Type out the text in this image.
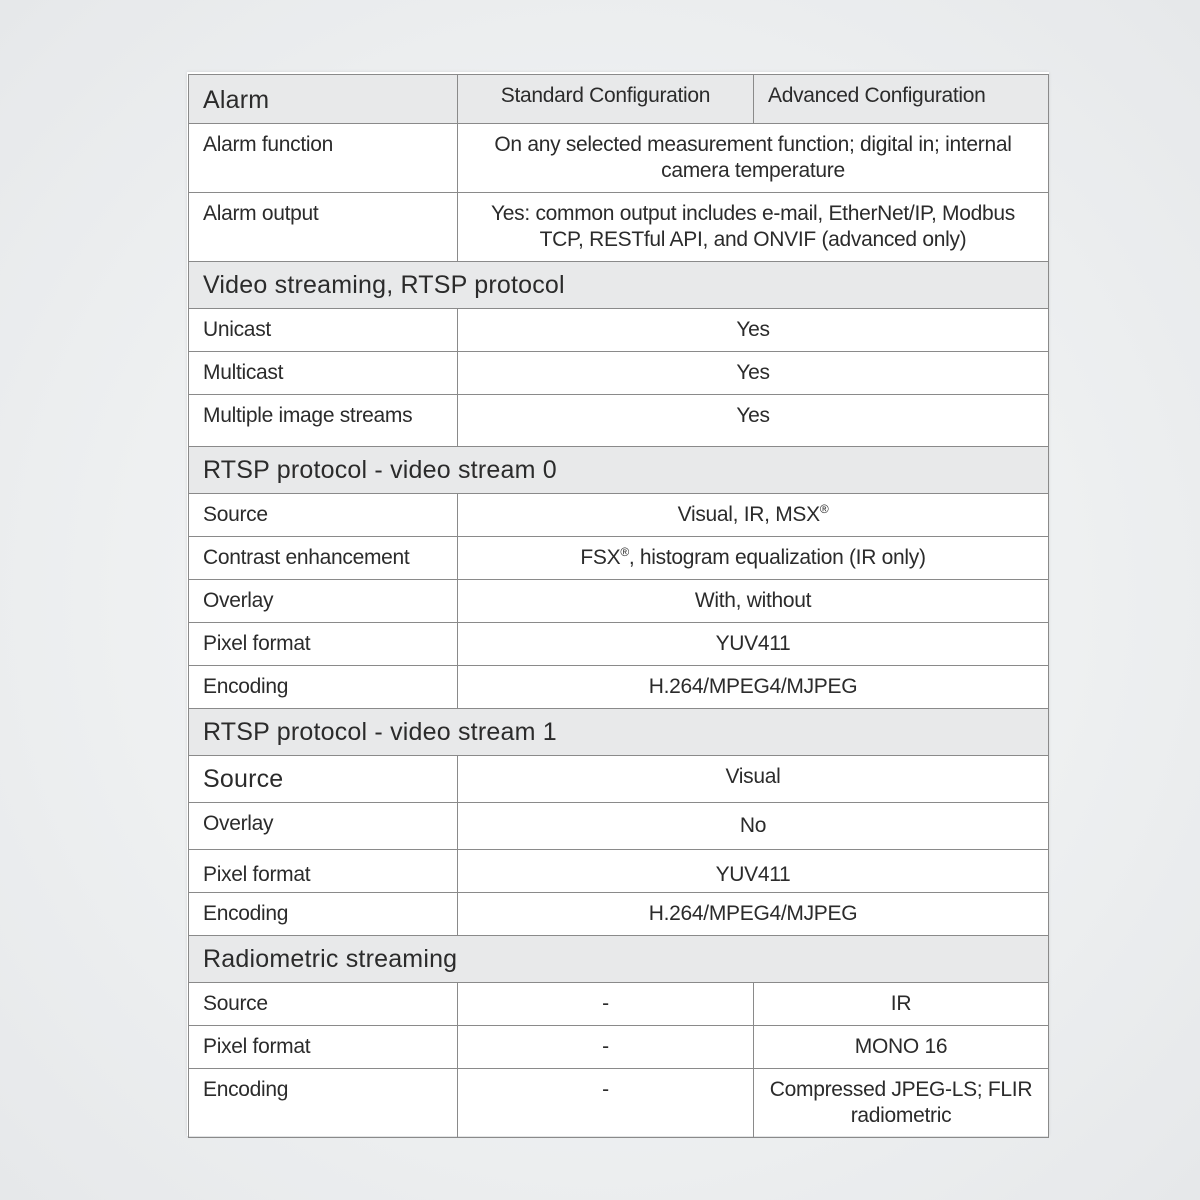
Alarm	Standard Configuration	Advanced Configuration
Alarm function	On any selected measurement function; digital in; internal camera temperature	
Alarm output	Yes: common output includes e-mail, EtherNet/IP, Modbus TCP, RESTful API, and ONVIF (advanced only)	
Video streaming, RTSP protocol		
Unicast	Yes	
Multicast	Yes	
Multiple image streams	Yes	
RTSP protocol - video stream 0		
Source	Visual, IR, MSX®
Contrast enhancement	FSX®, histogram equalization (IR only)	
Overlay	With, without	
Pixel format	YUV411	
Encoding	H.264/MPEG4/MJPEG	
RTSP protocol - video stream 1		
Source	Visual	
Overlay	No	
Pixel format	YUV411	
Encoding	H.264/MPEG4/MJPEG	
Radiometric streaming		
Source	-	IR
Pixel format	-	MONO 16
Encoding	-	Compressed JPEG-LS; FLIR radiometric
